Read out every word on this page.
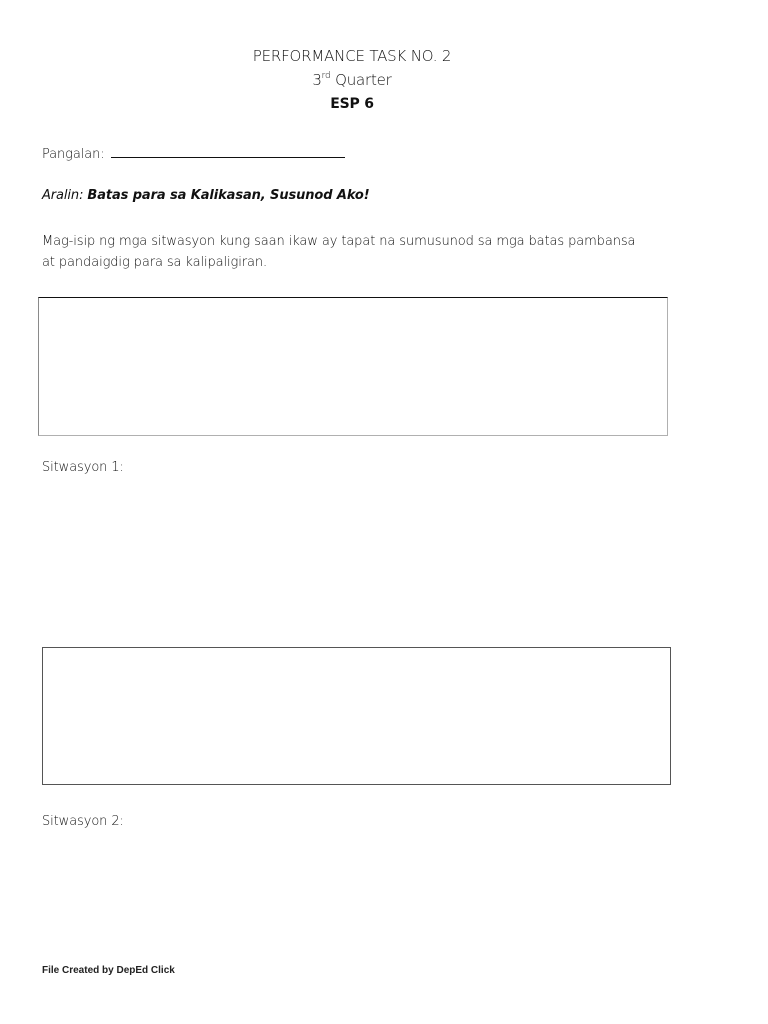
PERFORMANCE TASK NO. 2
3rd Quarter
ESP 6
Pangalan:
Aralin: Batas para sa Kalikasan, Susunod Ako!
Mag-isip ng mga sitwasyon kung saan ikaw ay tapat na sumusunod sa mga batas pambansa at pandaigdig para sa kalipaligiran.
Sitwasyon 1:
Sitwasyon 2:
File Created by DepEd Click
